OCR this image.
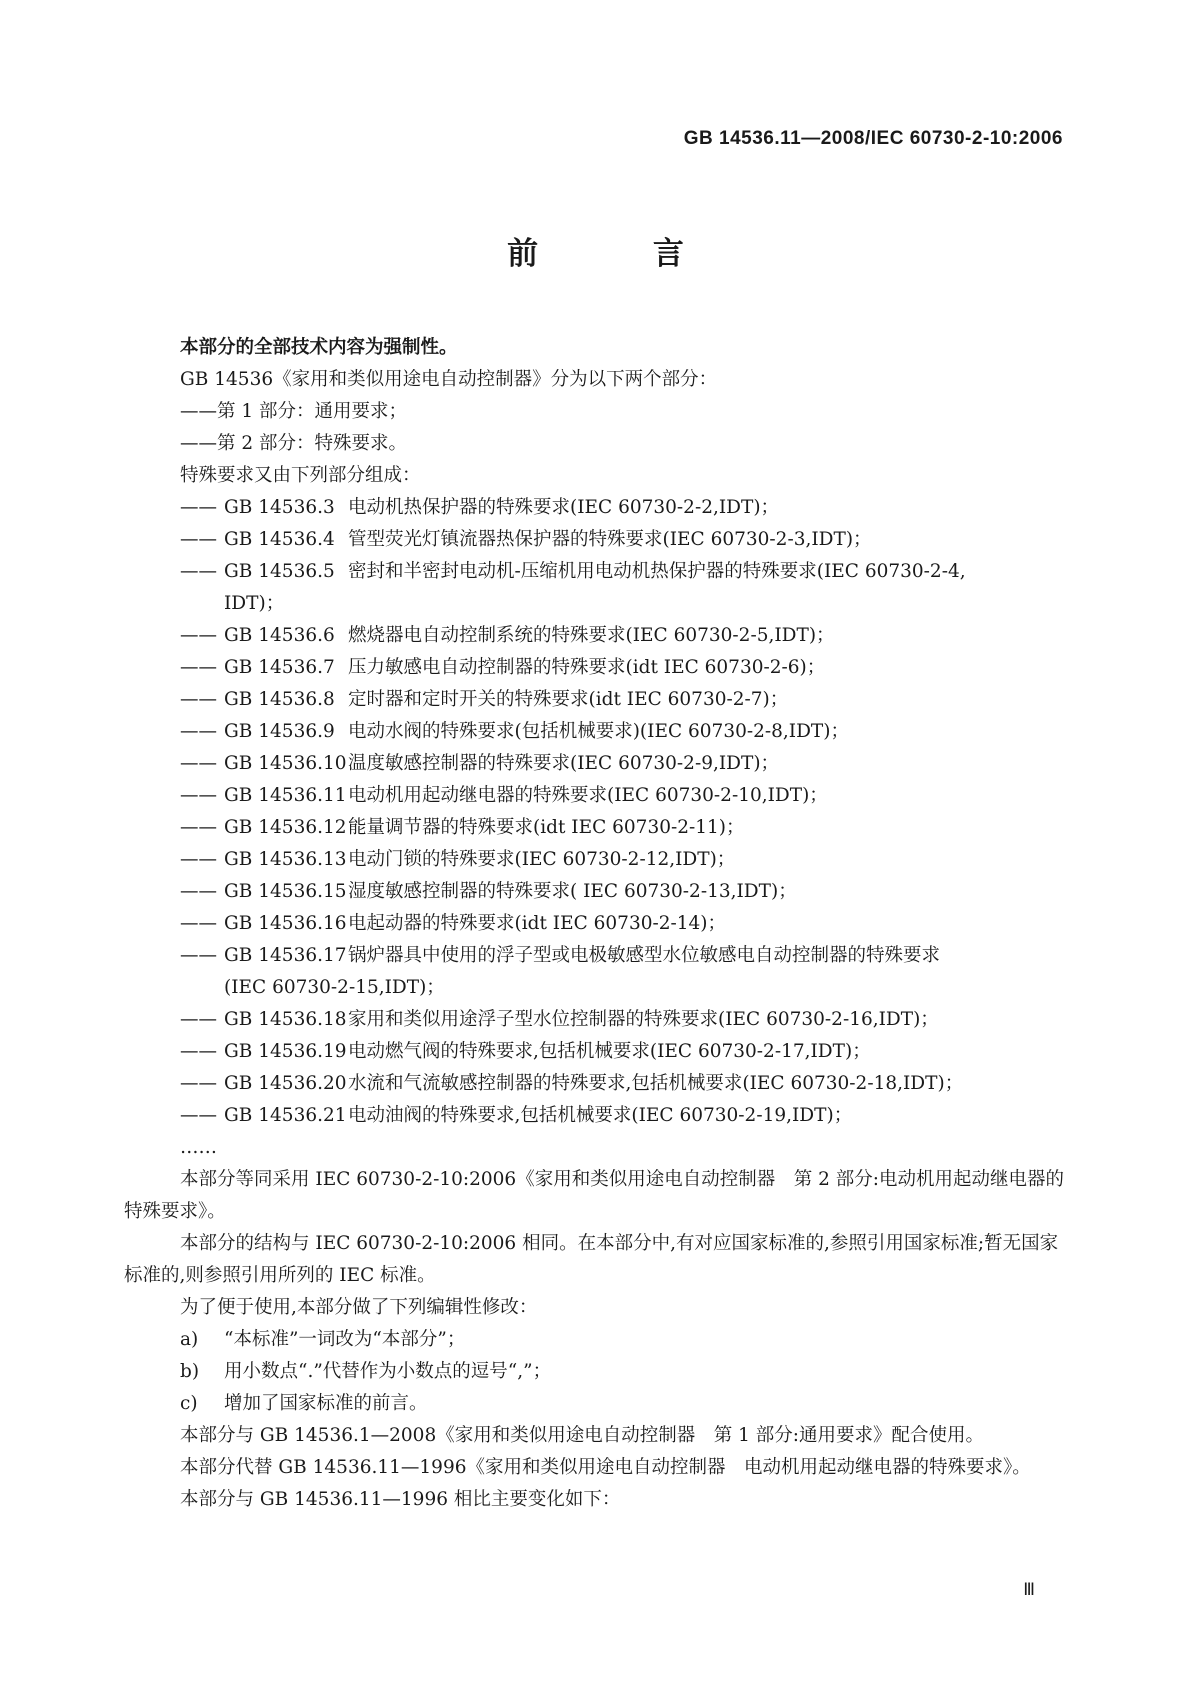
GB 14536.11—2008/IEC 60730-2-10:2006
前 言
本部分的全部技术内容为强制性。
GB 14536《家用和类似用途电自动控制器》分为以下两个部分：
——第 1 部分：通用要求；
——第 2 部分：特殊要求。
特殊要求又由下列部分组成：
—— GB 14536.3 电动机热保护器的特殊要求(IEC 60730-2-2,IDT)；
—— GB 14536.4 管型荧光灯镇流器热保护器的特殊要求(IEC 60730-2-3,IDT)；
—— GB 14536.5 密封和半密封电动机-压缩机用电动机热保护器的特殊要求(IEC 60730-2-4,
IDT)；
—— GB 14536.6 燃烧器电自动控制系统的特殊要求(IEC 60730-2-5,IDT)；
—— GB 14536.7 压力敏感电自动控制器的特殊要求(idt IEC 60730-2-6)；
—— GB 14536.8 定时器和定时开关的特殊要求(idt IEC 60730-2-7)；
—— GB 14536.9 电动水阀的特殊要求(包括机械要求)(IEC 60730-2-8,IDT)；
—— GB 14536.10温度敏感控制器的特殊要求(IEC 60730-2-9,IDT)；
—— GB 14536.11电动机用起动继电器的特殊要求(IEC 60730-2-10,IDT)；
—— GB 14536.12能量调节器的特殊要求(idt IEC 60730-2-11)；
—— GB 14536.13电动门锁的特殊要求(IEC 60730-2-12,IDT)；
—— GB 14536.15湿度敏感控制器的特殊要求( IEC 60730-2-13,IDT)；
—— GB 14536.16电起动器的特殊要求(idt IEC 60730-2-14)；
—— GB 14536.17锅炉器具中使用的浮子型或电极敏感型水位敏感电自动控制器的特殊要求
(IEC 60730-2-15,IDT)；
—— GB 14536.18家用和类似用途浮子型水位控制器的特殊要求(IEC 60730-2-16,IDT)；
—— GB 14536.19电动燃气阀的特殊要求,包括机械要求(IEC 60730-2-17,IDT)；
—— GB 14536.20水流和气流敏感控制器的特殊要求,包括机械要求(IEC 60730-2-18,IDT)；
—— GB 14536.21电动油阀的特殊要求,包括机械要求(IEC 60730-2-19,IDT)；
……
本部分等同采用 IEC 60730-2-10:2006《家用和类似用途电自动控制器　第 2 部分:电动机用起动继电器的特殊要求》。
本部分的结构与 IEC 60730-2-10:2006 相同。在本部分中,有对应国家标准的,参照引用国家标准;暂无国家标准的,则参照引用所列的 IEC 标准。
为了便于使用,本部分做了下列编辑性修改：
a) “本标准”一词改为“本部分”；
b) 用小数点“.”代替作为小数点的逗号“,”；
c) 增加了国家标准的前言。
本部分与 GB 14536.1—2008《家用和类似用途电自动控制器　第 1 部分:通用要求》配合使用。
本部分代替 GB 14536.11—1996《家用和类似用途电自动控制器　电动机用起动继电器的特殊要求》。
本部分与 GB 14536.11—1996 相比主要变化如下：
Ⅲ
